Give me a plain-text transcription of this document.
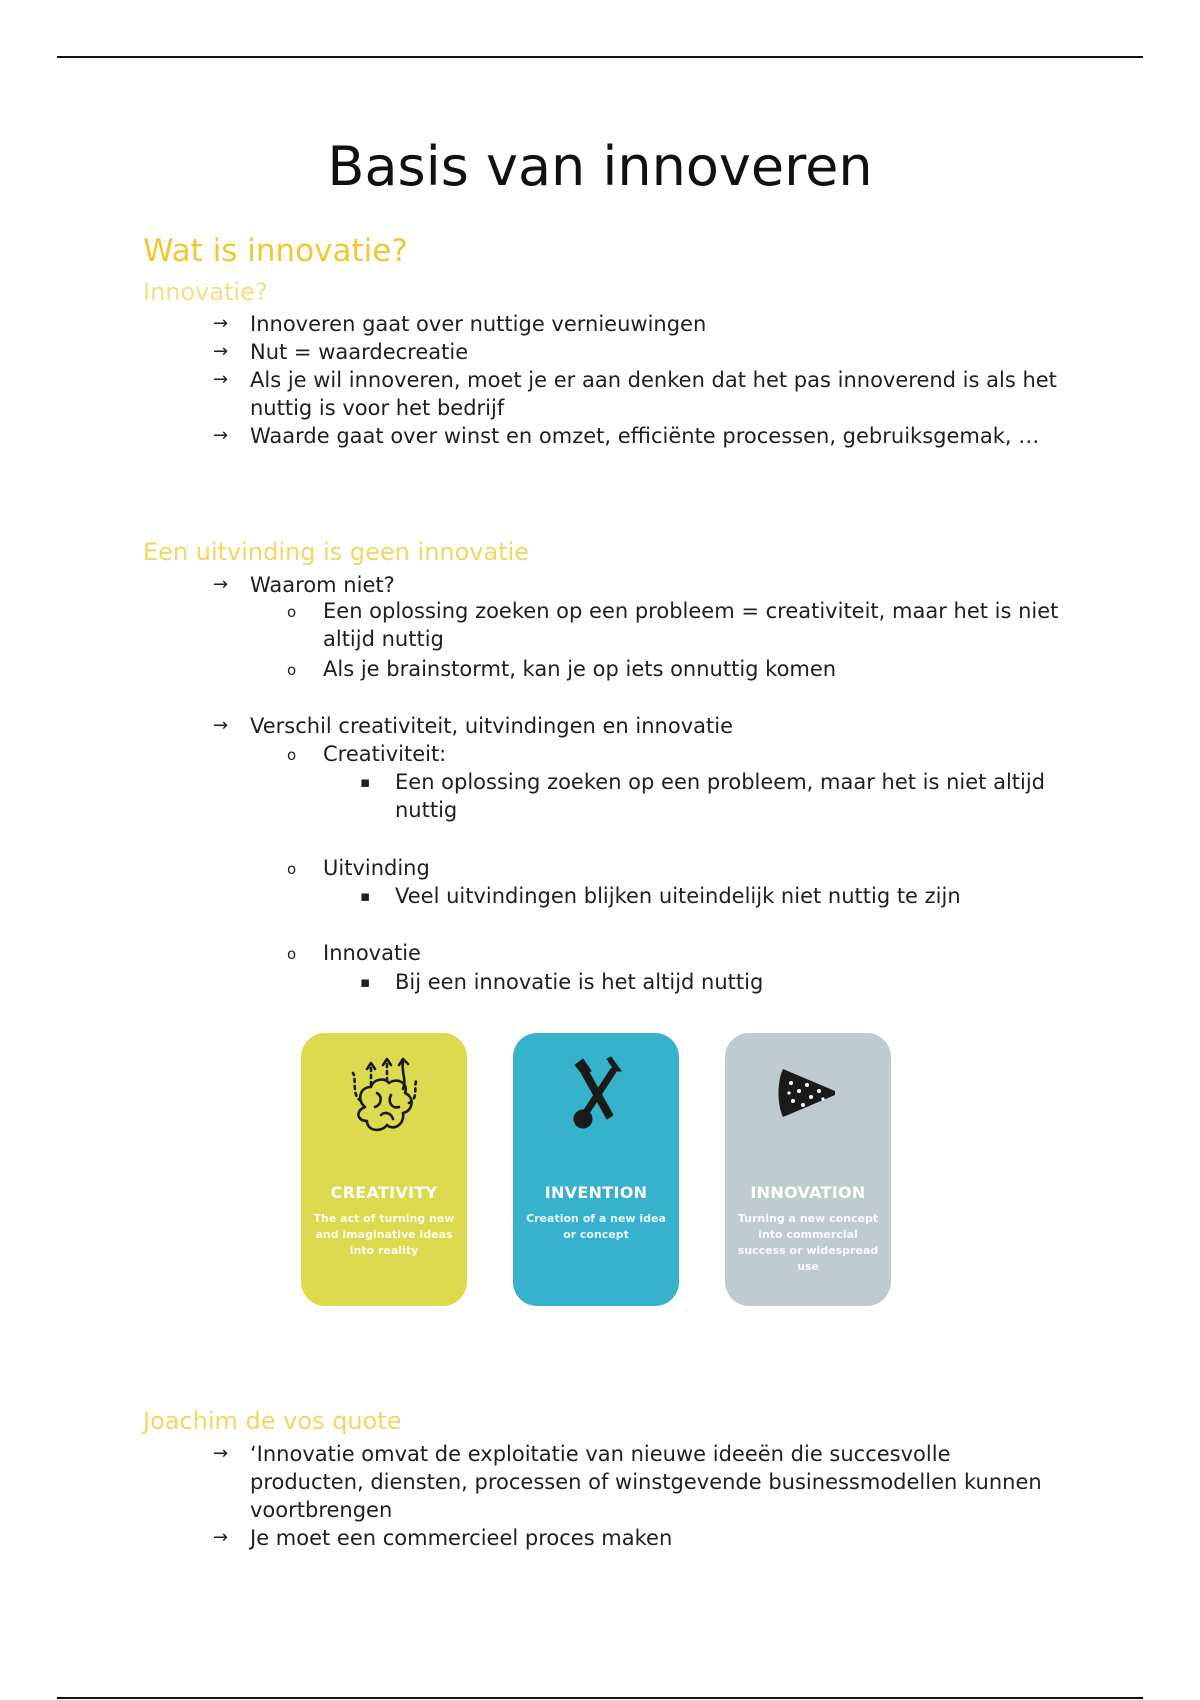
Basis van innoveren
Wat is innovatie?
Innovatie?
→ Innoveren gaat over nuttige vernieuwingen
→ Nut = waardecreatie
→ Als je wil innoveren, moet je er aan denken dat het pas innoverend is als het nuttig is voor het bedrijf
→ Waarde gaat over winst en omzet, efficiënte processen, gebruiksgemak, …
Een uitvinding is geen innovatie
→ Waarom niet?
o Een oplossing zoeken op een probleem = creativiteit, maar het is niet altijd nuttig
o Als je brainstormt, kan je op iets onnuttig komen
→ Verschil creativiteit, uitvindingen en innovatie
o Creativiteit:
▪ Een oplossing zoeken op een probleem, maar het is niet altijd nuttig
o Uitvinding
▪ Veel uitvindingen blijken uiteindelijk niet nuttig te zijn
o Innovatie
▪ Bij een innovatie is het altijd nuttig
CREATIVITY
The act of turning new and imaginative ideas into reality
INVENTION
Creation of a new idea or concept
INNOVATION
Turning a new concept into commercial success or widespread use
Joachim de vos quote
→ ‘Innovatie omvat de exploitatie van nieuwe ideeën die succesvolle producten, diensten, processen of winstgevende businessmodellen kunnen voortbrengen
→ Je moet een commercieel proces maken
